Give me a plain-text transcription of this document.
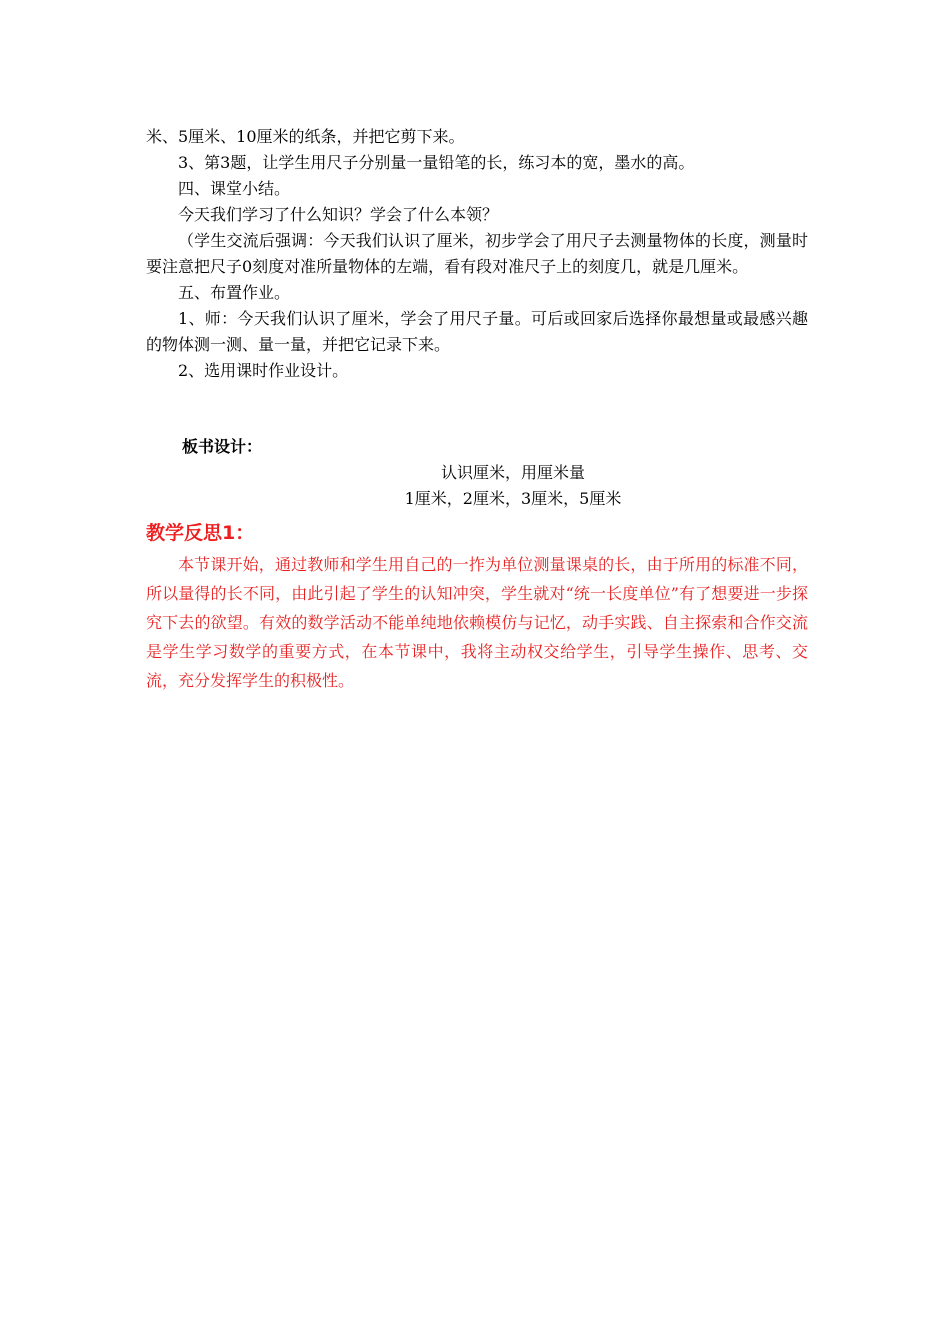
米、5厘米、10厘米的纸条，并把它剪下来。

3、第3题，让学生用尺子分别量一量铅笔的长，练习本的宽，墨水的高。

四、课堂小结。

今天我们学习了什么知识？学会了什么本领？

（学生交流后强调：今天我们认识了厘米，初步学会了用尺子去测量物体的长度，测量时要注意把尺子0刻度对准所量物体的左端，看有段对准尺子上的刻度几，就是几厘米。

五、布置作业。

1、师：今天我们认识了厘米，学会了用尺子量。可后或回家后选择你最想量或最感兴趣的物体测一测、量一量，并把它记录下来。

2、选用课时作业设计。

板书设计：

认识厘米，用厘米量

1厘米，2厘米，3厘米，5厘米

教学反思1：

本节课开始，通过教师和学生用自己的一拃为单位测量课桌的长，由于所用的标准不同，所以量得的长不同，由此引起了学生的认知冲突，学生就对“统一长度单位”有了想要进一步探究下去的欲望。有效的数学活动不能单纯地依赖模仿与记忆，动手实践、自主探索和合作交流是学生学习数学的重要方式，在本节课中，我将主动权交给学生，引导学生操作、思考、交流，充分发挥学生的积极性。
